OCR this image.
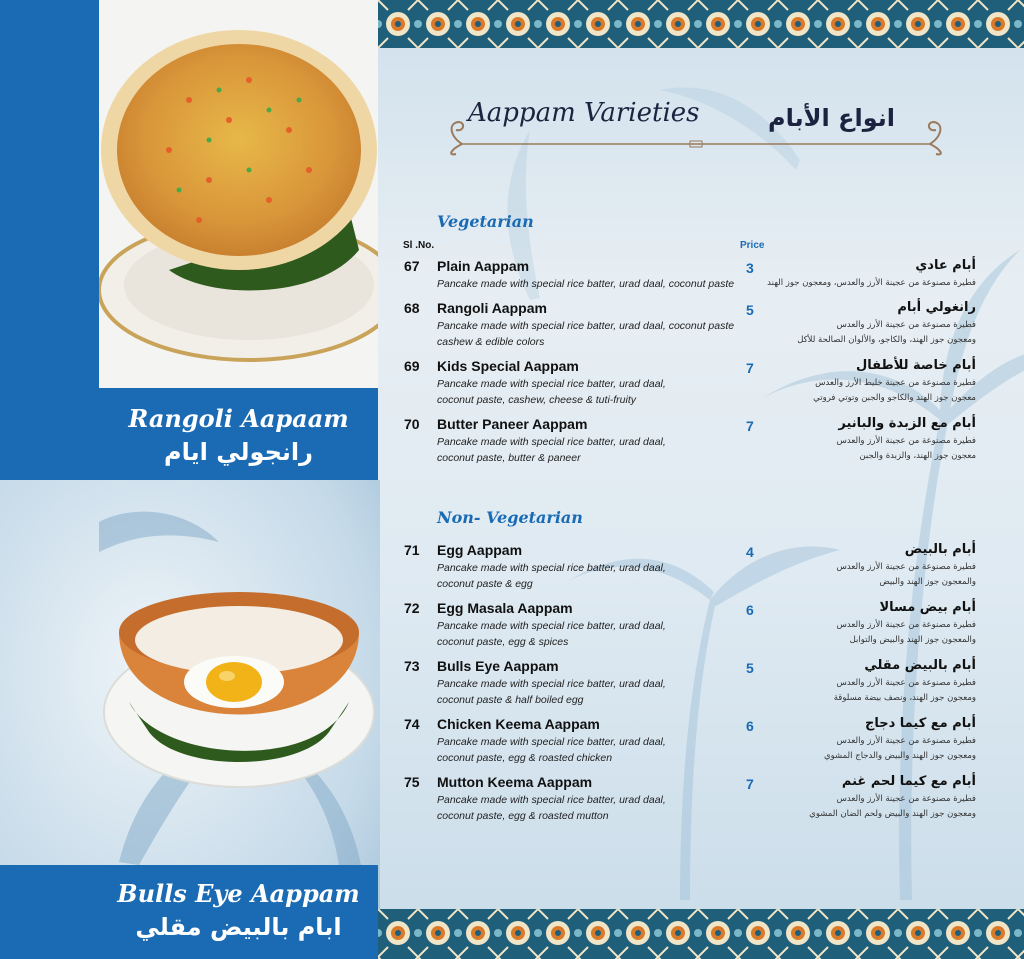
Rangoli Aapaam
رانجولي ايام
Bulls Eye Aappam
ابام بالبيض مقلي
Aappam Varieties	انواع الأبام
Vegetarian
Sl .No.	Price
67 Plain Aappam
Pancake made with special rice batter, urad daal, coconut paste
3	أبام عادي
فطيرة مصنوعة من عجينة الأرز والعدس، ومعجون جوز الهند
68 Rangoli Aappam
Pancake made with special rice batter, urad daal, coconut paste
cashew & edible colors
5	رانغولي أبام
فطيرة مصنوعة من عجينة الأرز والعدس
ومعجون جوز الهند، والكاجو، والألوان الصالحة للأكل
69 Kids Special Aappam
Pancake made with special rice batter, urad daal,
coconut paste, cashew, cheese & tuti-fruity
7	أبام خاصة للأطفال
فطيرة مصنوعة من عجينة خليط الأرز والعدس
معجون جوز الهند والكاجو والجبن وتوتي فروتي
70 Butter Paneer Aappam
Pancake made with special rice batter, urad daal,
coconut paste, butter & paneer
7	أبام مع الزبدة والبانير
فطيرة مصنوعة من عجينة الأرز والعدس
معجون جوز الهند، والزبدة والجبن
Non- Vegetarian
71 Egg Aappam
Pancake made with special rice batter, urad daal,
coconut paste & egg
4	أبام بالبيض
فطيرة مصنوعة من عجينة الأرز والعدس
والمعجون جوز الهند والبيض
72 Egg Masala Aappam
Pancake made with special rice batter, urad daal,
coconut paste, egg & spices
6	أبام بيض مسالا
فطيرة مصنوعة من عجينة الأرز والعدس
والمعجون جوز الهند والبيض والتوابل
73 Bulls Eye Aappam
Pancake made with special rice batter, urad daal,
coconut paste & half boiled egg
5	أبام بالبيض مقلي
فطيرة مصنوعة من عجينة الأرز والعدس
ومعجون جوز الهند، ونصف بيضة مسلوقة
74 Chicken Keema Aappam
Pancake made with special rice batter, urad daal,
coconut paste, egg & roasted chicken
6	أبام مع كيما دجاج
فطيرة مصنوعة من عجينة الأرز والعدس
ومعجون جوز الهند والبيض والدجاج المشوي
75 Mutton Keema Aappam
Pancake made with special rice batter, urad daal,
coconut paste, egg & roasted mutton
7	أبام مع كيما لحم غنم
فطيرة مصنوعة من عجينة الأرز والعدس
ومعجون جوز الهند والبيض ولحم الضان المشوي
